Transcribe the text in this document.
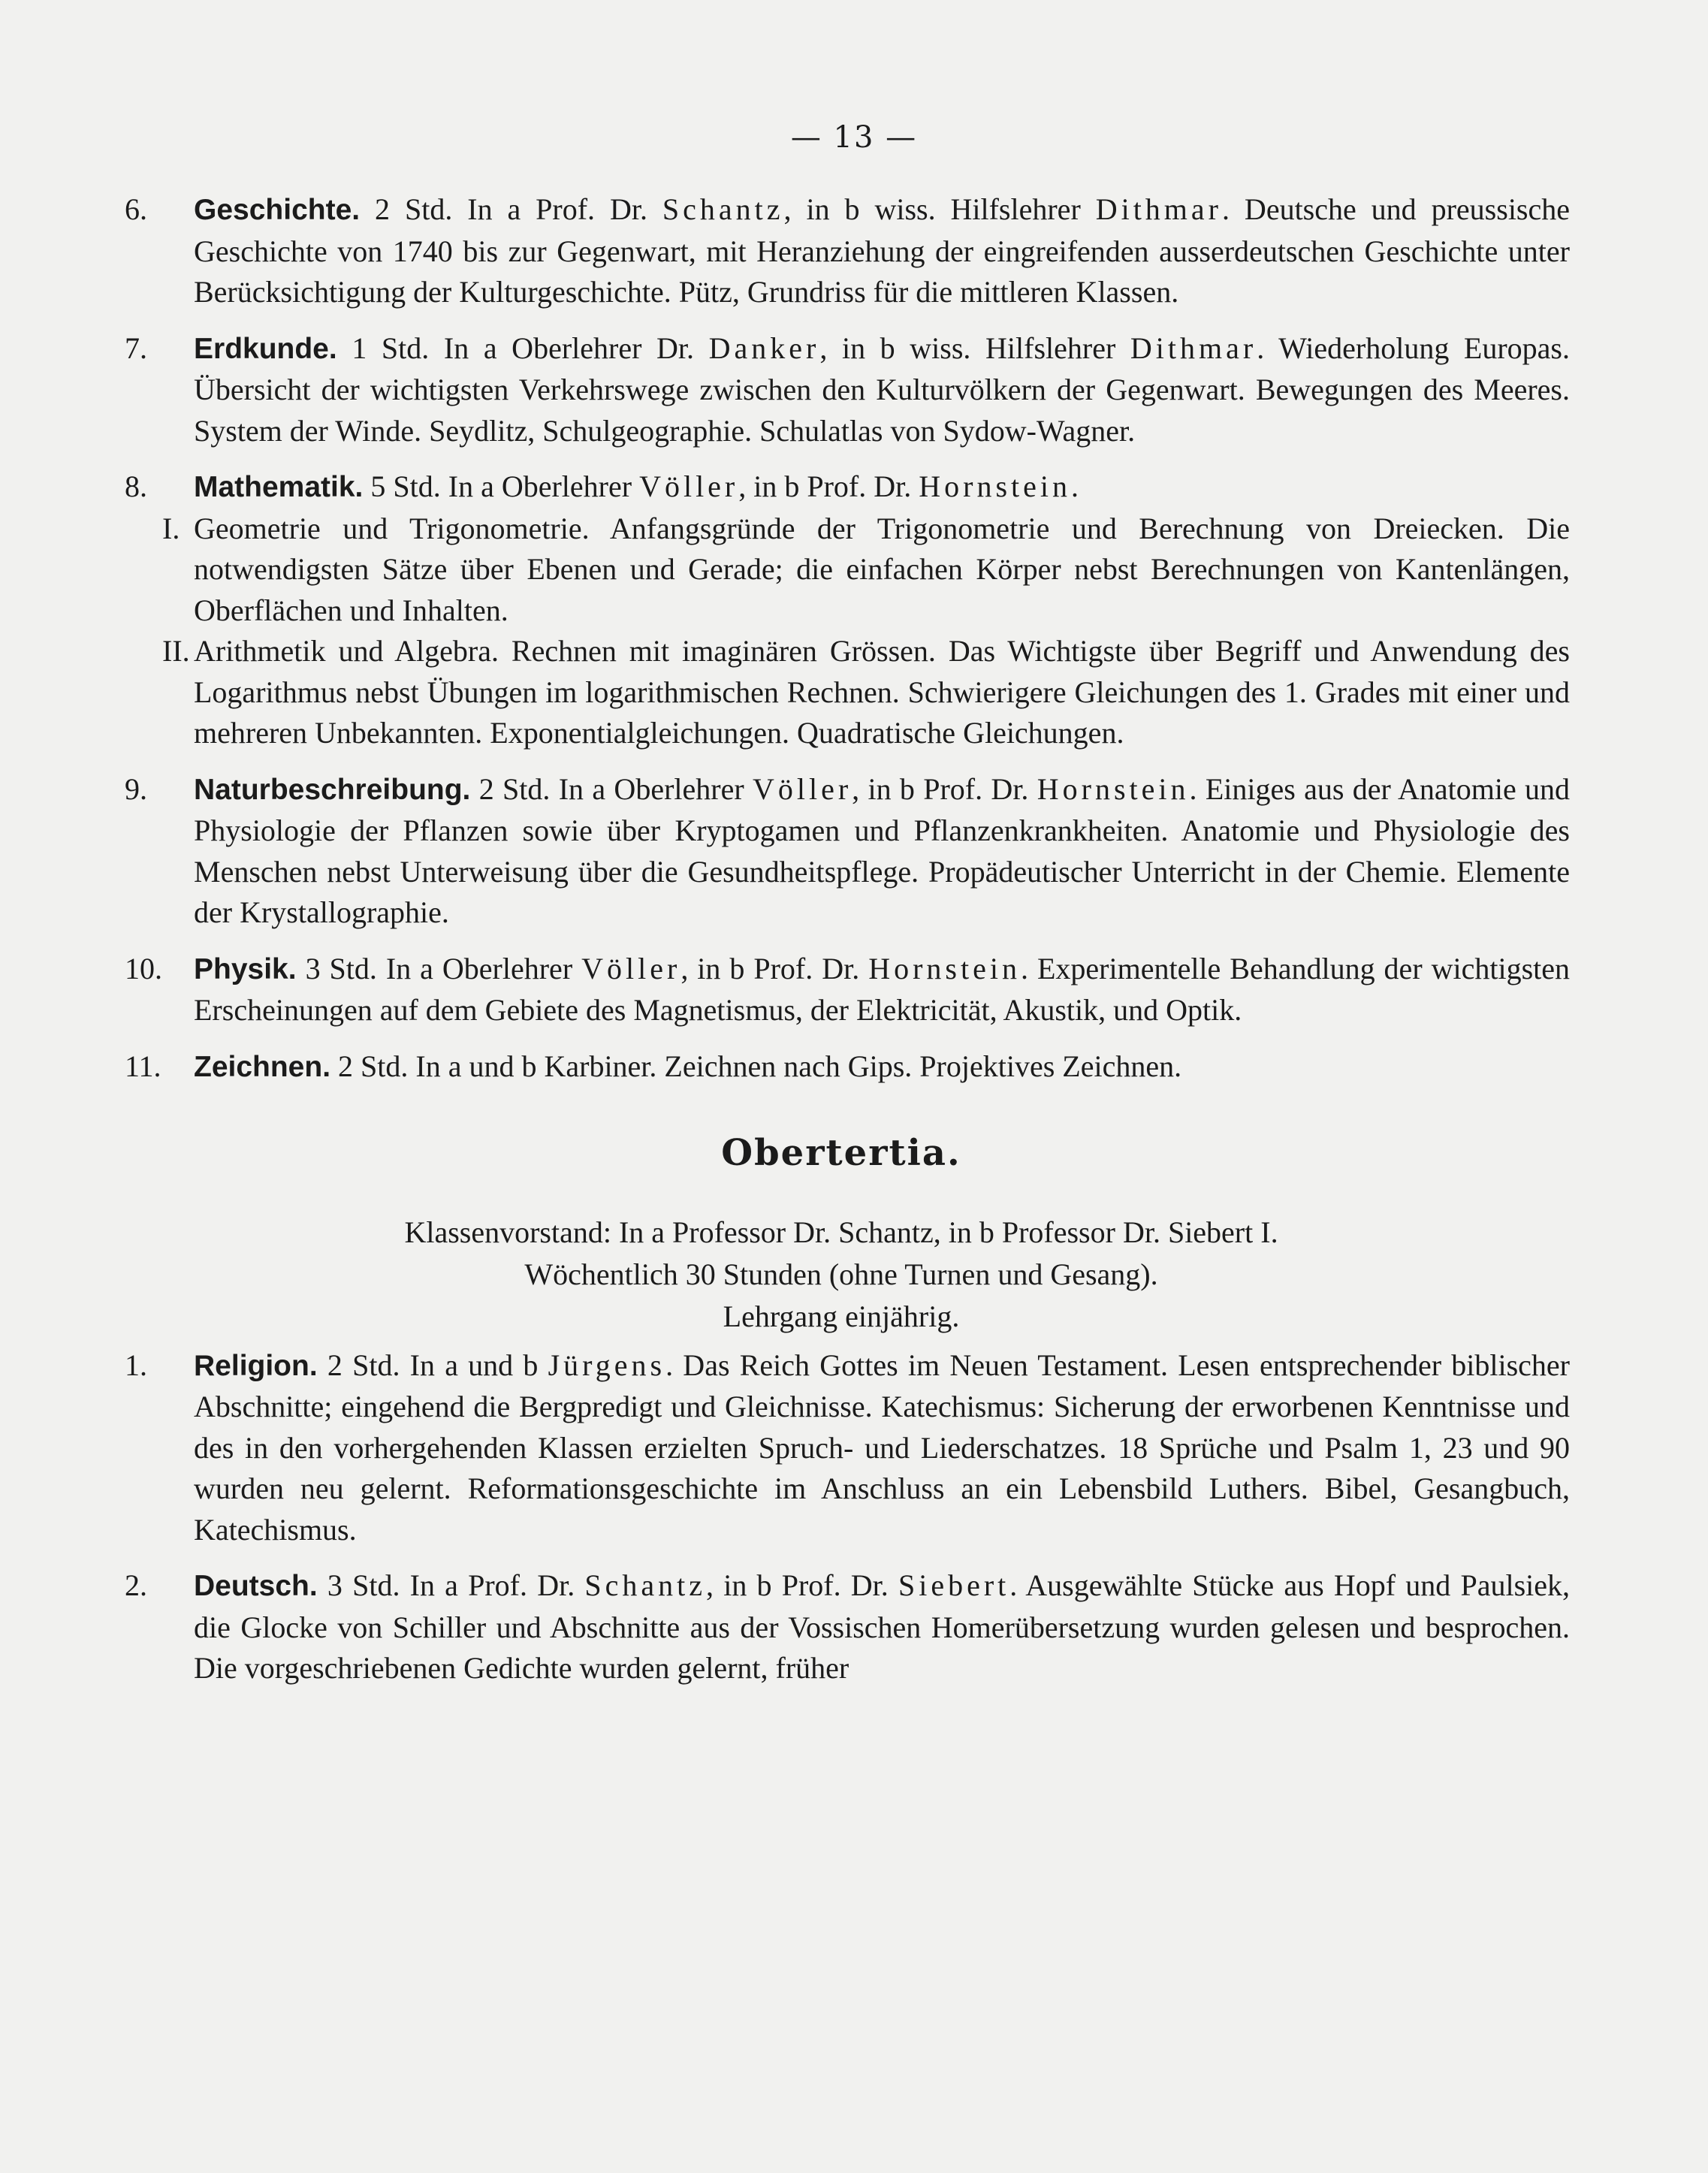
— 13 —
6.	Geschichte. 2 Std. In a Prof. Dr. Schantz, in b wiss. Hilfslehrer Dithmar. Deutsche und preussische Geschichte von 1740 bis zur Gegenwart, mit Heranziehung der eingreifenden ausserdeutschen Geschichte unter Berücksichtigung der Kulturgeschichte. Pütz, Grundriss für die mittleren Klassen.
7.	Erdkunde. 1 Std. In a Oberlehrer Dr. Danker, in b wiss. Hilfslehrer Dithmar. Wiederholung Europas. Übersicht der wichtigsten Verkehrswege zwischen den Kulturvölkern der Gegenwart. Bewegungen des Meeres. System der Winde. Seydlitz, Schulgeographie. Schulatlas von Sydow-Wagner.
8.	Mathematik. 5 Std. In a Oberlehrer Völler, in b Prof. Dr. Hornstein.
I. Geometrie und Trigonometrie. Anfangsgründe der Trigonometrie und Berechnung von Dreiecken. Die notwendigsten Sätze über Ebenen und Gerade; die einfachen Körper nebst Berechnungen von Kantenlängen, Oberflächen und Inhalten.
II. Arithmetik und Algebra. Rechnen mit imaginären Grössen. Das Wichtigste über Begriff und Anwendung des Logarithmus nebst Übungen im logarithmischen Rechnen. Schwierigere Gleichungen des 1. Grades mit einer und mehreren Unbekannten. Exponentialgleichungen. Quadratische Gleichungen.
9.	Naturbeschreibung. 2 Std. In a Oberlehrer Völler, in b Prof. Dr. Hornstein. Einiges aus der Anatomie und Physiologie der Pflanzen sowie über Kryptogamen und Pflanzenkrankheiten. Anatomie und Physiologie des Menschen nebst Unterweisung über die Gesundheitspflege. Propädeutischer Unterricht in der Chemie. Elemente der Krystallographie.
10.	Physik. 3 Std. In a Oberlehrer Völler, in b Prof. Dr. Hornstein. Experimentelle Behandlung der wichtigsten Erscheinungen auf dem Gebiete des Magnetismus, der Elektricität, Akustik, und Optik.
11.	Zeichnen. 2 Std. In a und b Karbiner. Zeichnen nach Gips. Projektives Zeichnen.
Obertertia.
Klassenvorstand: In a Professor Dr. Schantz, in b Professor Dr. Siebert I.
Wöchentlich 30 Stunden (ohne Turnen und Gesang).
Lehrgang einjährig.
1.	Religion. 2 Std. In a und b Jürgens. Das Reich Gottes im Neuen Testament. Lesen entsprechender biblischer Abschnitte; eingehend die Bergpredigt und Gleichnisse. Katechismus: Sicherung der erworbenen Kenntnisse und des in den vorhergehenden Klassen erzielten Spruch- und Liederschatzes. 18 Sprüche und Psalm 1, 23 und 90 wurden neu gelernt. Reformationsgeschichte im Anschluss an ein Lebensbild Luthers. Bibel, Gesangbuch, Katechismus.
2.	Deutsch. 3 Std. In a Prof. Dr. Schantz, in b Prof. Dr. Siebert. Ausgewählte Stücke aus Hopf und Paulsiek, die Glocke von Schiller und Abschnitte aus der Vossischen Homerübersetzung wurden gelesen und besprochen. Die vorgeschriebenen Gedichte wurden gelernt, früher
